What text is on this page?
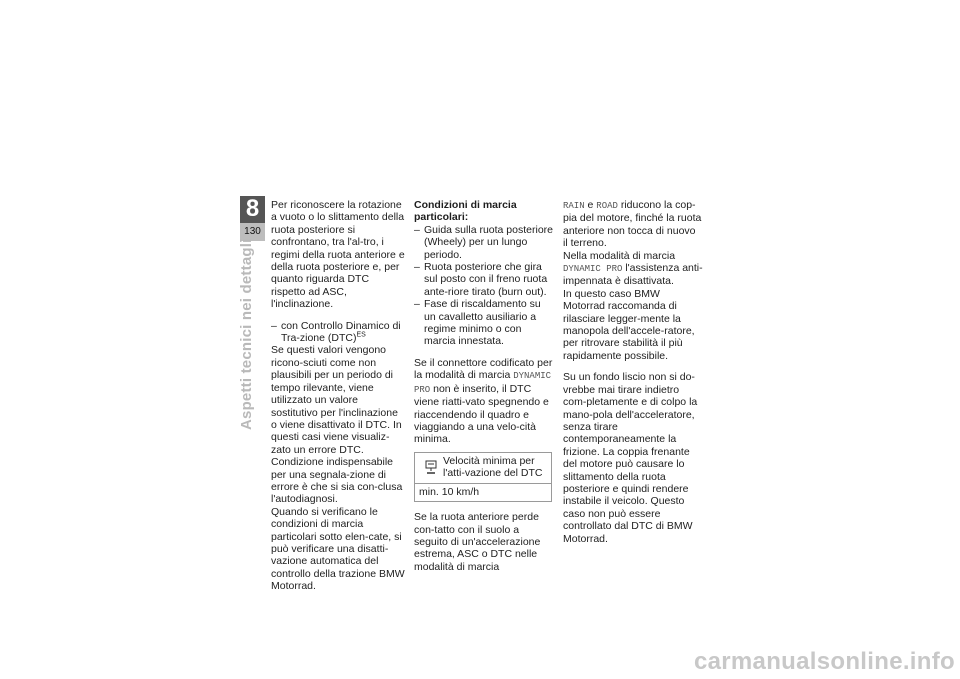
8
130
Aspetti tecnici nei dettagli

Per riconoscere la rotazione a vuoto o lo slittamento della ruota posteriore si confrontano, tra l'al-tro, i regimi della ruota anteriore e della ruota posteriore e, per quanto riguarda DTC rispetto ad ASC, l'inclinazione.

– con Controllo Dinamico di Tra-zione (DTC)$^{ES}$

Se questi valori vengono ricono-sciuti come non plausibili per un periodo di tempo rilevante, viene utilizzato un valore sostitutivo per l'inclinazione o viene disattivato il DTC. In questi casi viene visualiz-zato un errore DTC. Condizione indispensabile per una segnala-zione di errore è che si sia con-clusa l'autodiagnosi.

Quando si verificano le condizioni di marcia particolari sotto elen-cate, si può verificare una disatti-vazione automatica del controllo della trazione BMW Motorrad.

Condizioni di marcia particolari:

– Guida sulla ruota posteriore (Wheely) per un lungo periodo.

– Ruota posteriore che gira sul posto con il freno ruota ante-riore tirato (burn out).

– Fase di riscaldamento su un cavalletto ausiliario a regime minimo o con marcia innestata.

Se il connettore codificato per la modalità di marcia DYNAMIC PRO non è inserito, il DTC viene riatti-vato spegnendo e riaccendendo il quadro e viaggiando a una velo-cità minima.

Velocità minima per l'atti-vazione del DTC
min. 10 km/h

Se la ruota anteriore perde con-tatto con il suolo a seguito di un'accelerazione estrema, ASC o DTC nelle modalità di marcia

RAIN e ROAD riducono la cop-pia del motore, finché la ruota anteriore non tocca di nuovo il terreno.

Nella modalità di marcia DYNAMIC PRO l'assistenza anti-impennata è disattivata.

In questo caso BMW Motorrad raccomanda di rilasciare legger-mente la manopola dell'accele-ratore, per ritrovare stabilità il più rapidamente possibile.

Su un fondo liscio non si do-vrebbe mai tirare indietro com-pletamente e di colpo la mano-pola dell'acceleratore, senza tirare contemporaneamente la frizione. La coppia frenante del motore può causare lo slittamento della ruota posteriore e quindi rendere instabile il veicolo. Questo caso non può essere controllato dal DTC di BMW Motorrad.

carmanualsonline.info
